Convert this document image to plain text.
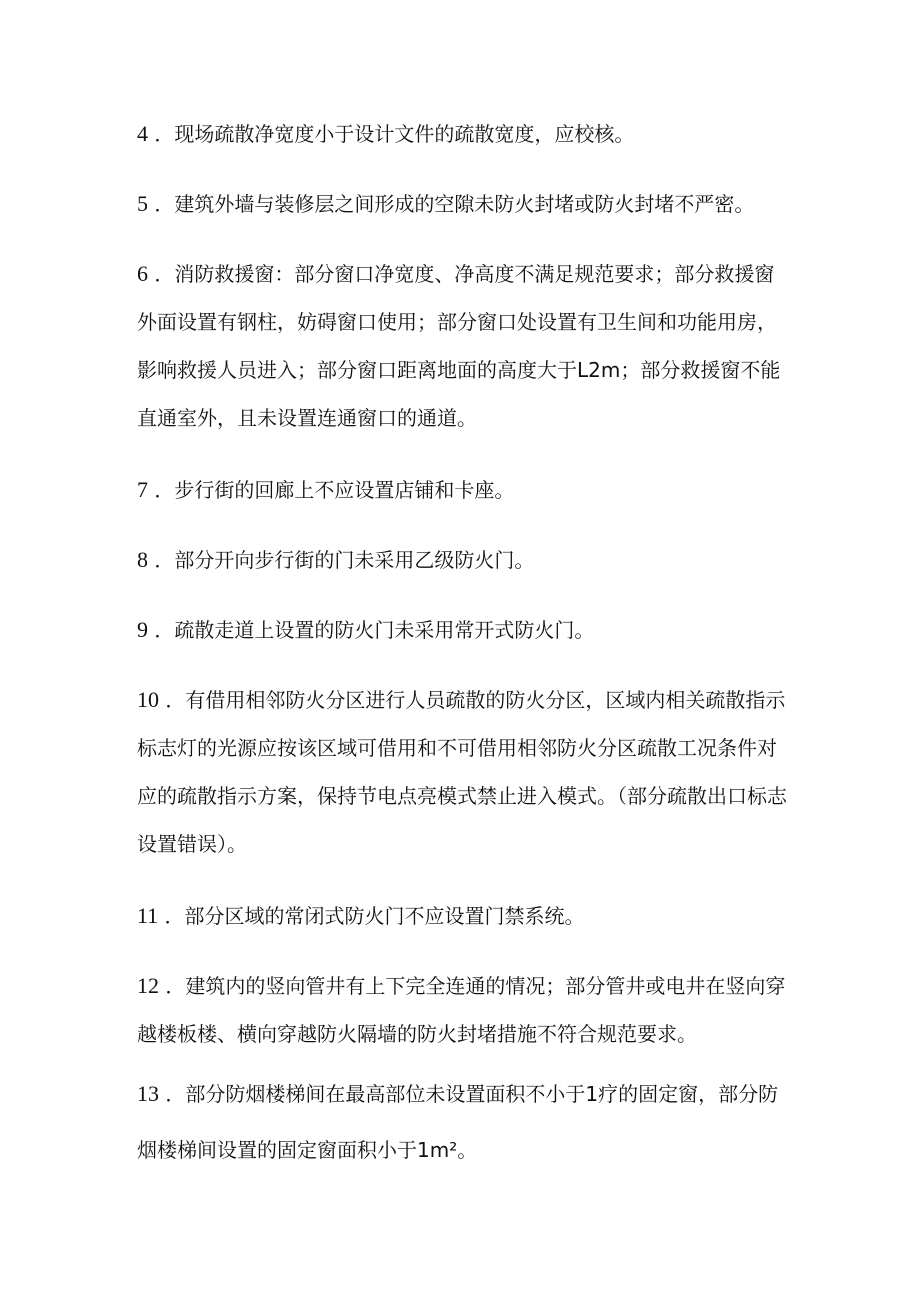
4 ．现场疏散净宽度小于设计文件的疏散宽度，应校核。

5 ．建筑外墙与装修层之间形成的空隙未防火封堵或防火封堵不严密。

6 ．消防救援窗：部分窗口净宽度、净高度不满足规范要求；部分救援窗外面设置有钢柱，妨碍窗口使用；部分窗口处设置有卫生间和功能用房，影响救援人员进入；部分窗口距离地面的高度大于L2m；部分救援窗不能直通室外，且未设置连通窗口的通道。

7 ．步行街的回廊上不应设置店铺和卡座。

8 ．部分开向步行街的门未采用乙级防火门。

9 ．疏散走道上设置的防火门未采用常开式防火门。

10 ．有借用相邻防火分区进行人员疏散的防火分区，区域内相关疏散指示标志灯的光源应按该区域可借用和不可借用相邻防火分区疏散工况条件对应的疏散指示方案，保持节电点亮模式禁止进入模式。（部分疏散出口标志设置错误）。

11 ．部分区域的常闭式防火门不应设置门禁系统。

12 ．建筑内的竖向管井有上下完全连通的情况；部分管井或电井在竖向穿越楼板楼、横向穿越防火隔墙的防火封堵措施不符合规范要求。

13 ．部分防烟楼梯间在最高部位未设置面积不小于1疗的固定窗，部分防烟楼梯间设置的固定窗面积小于1m²。
